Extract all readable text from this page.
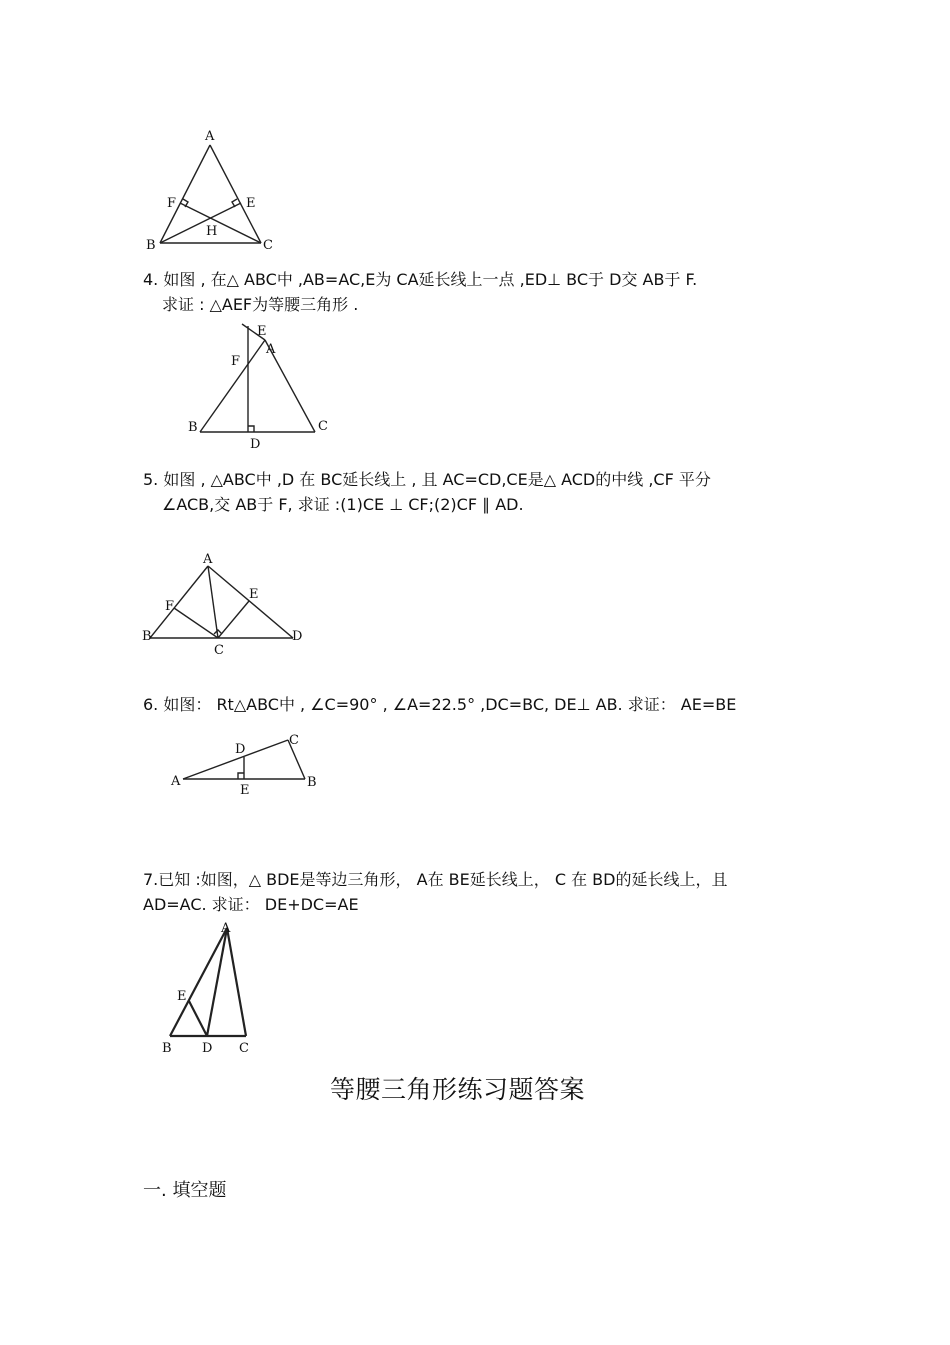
A
F	E
H
B	C
4. 如图 , 在△ ABC中 ,AB=AC,E为 CA延长线上一点 ,ED⊥ BC于 D交 AB于 F.
求证 : △AEF为等腰三角形 .
E
A
F
B
D
C
5. 如图 , △ABC中 ,D 在 BC延长线上 , 且 AC=CD,CE是△ ACD的中线 ,CF 平分
∠ACB,交 AB于 F, 求证 :(1)CE ⊥ CF;(2)CF ∥ AD.
A
F
E
B
C
D
6. 如图： Rt△ABC中 , ∠C=90° , ∠A=22.5° ,DC=BC, DE⊥ AB. 求证： AE=BE
C
D
A
E
B
7.已知 :如图，△ BDE是等边三角形， A在 BE延长线上， C 在 BD的延长线上，且
AD=AC. 求证： DE+DC=AE
A
E
B D C
等腰三角形练习题答案
一. 填空题
